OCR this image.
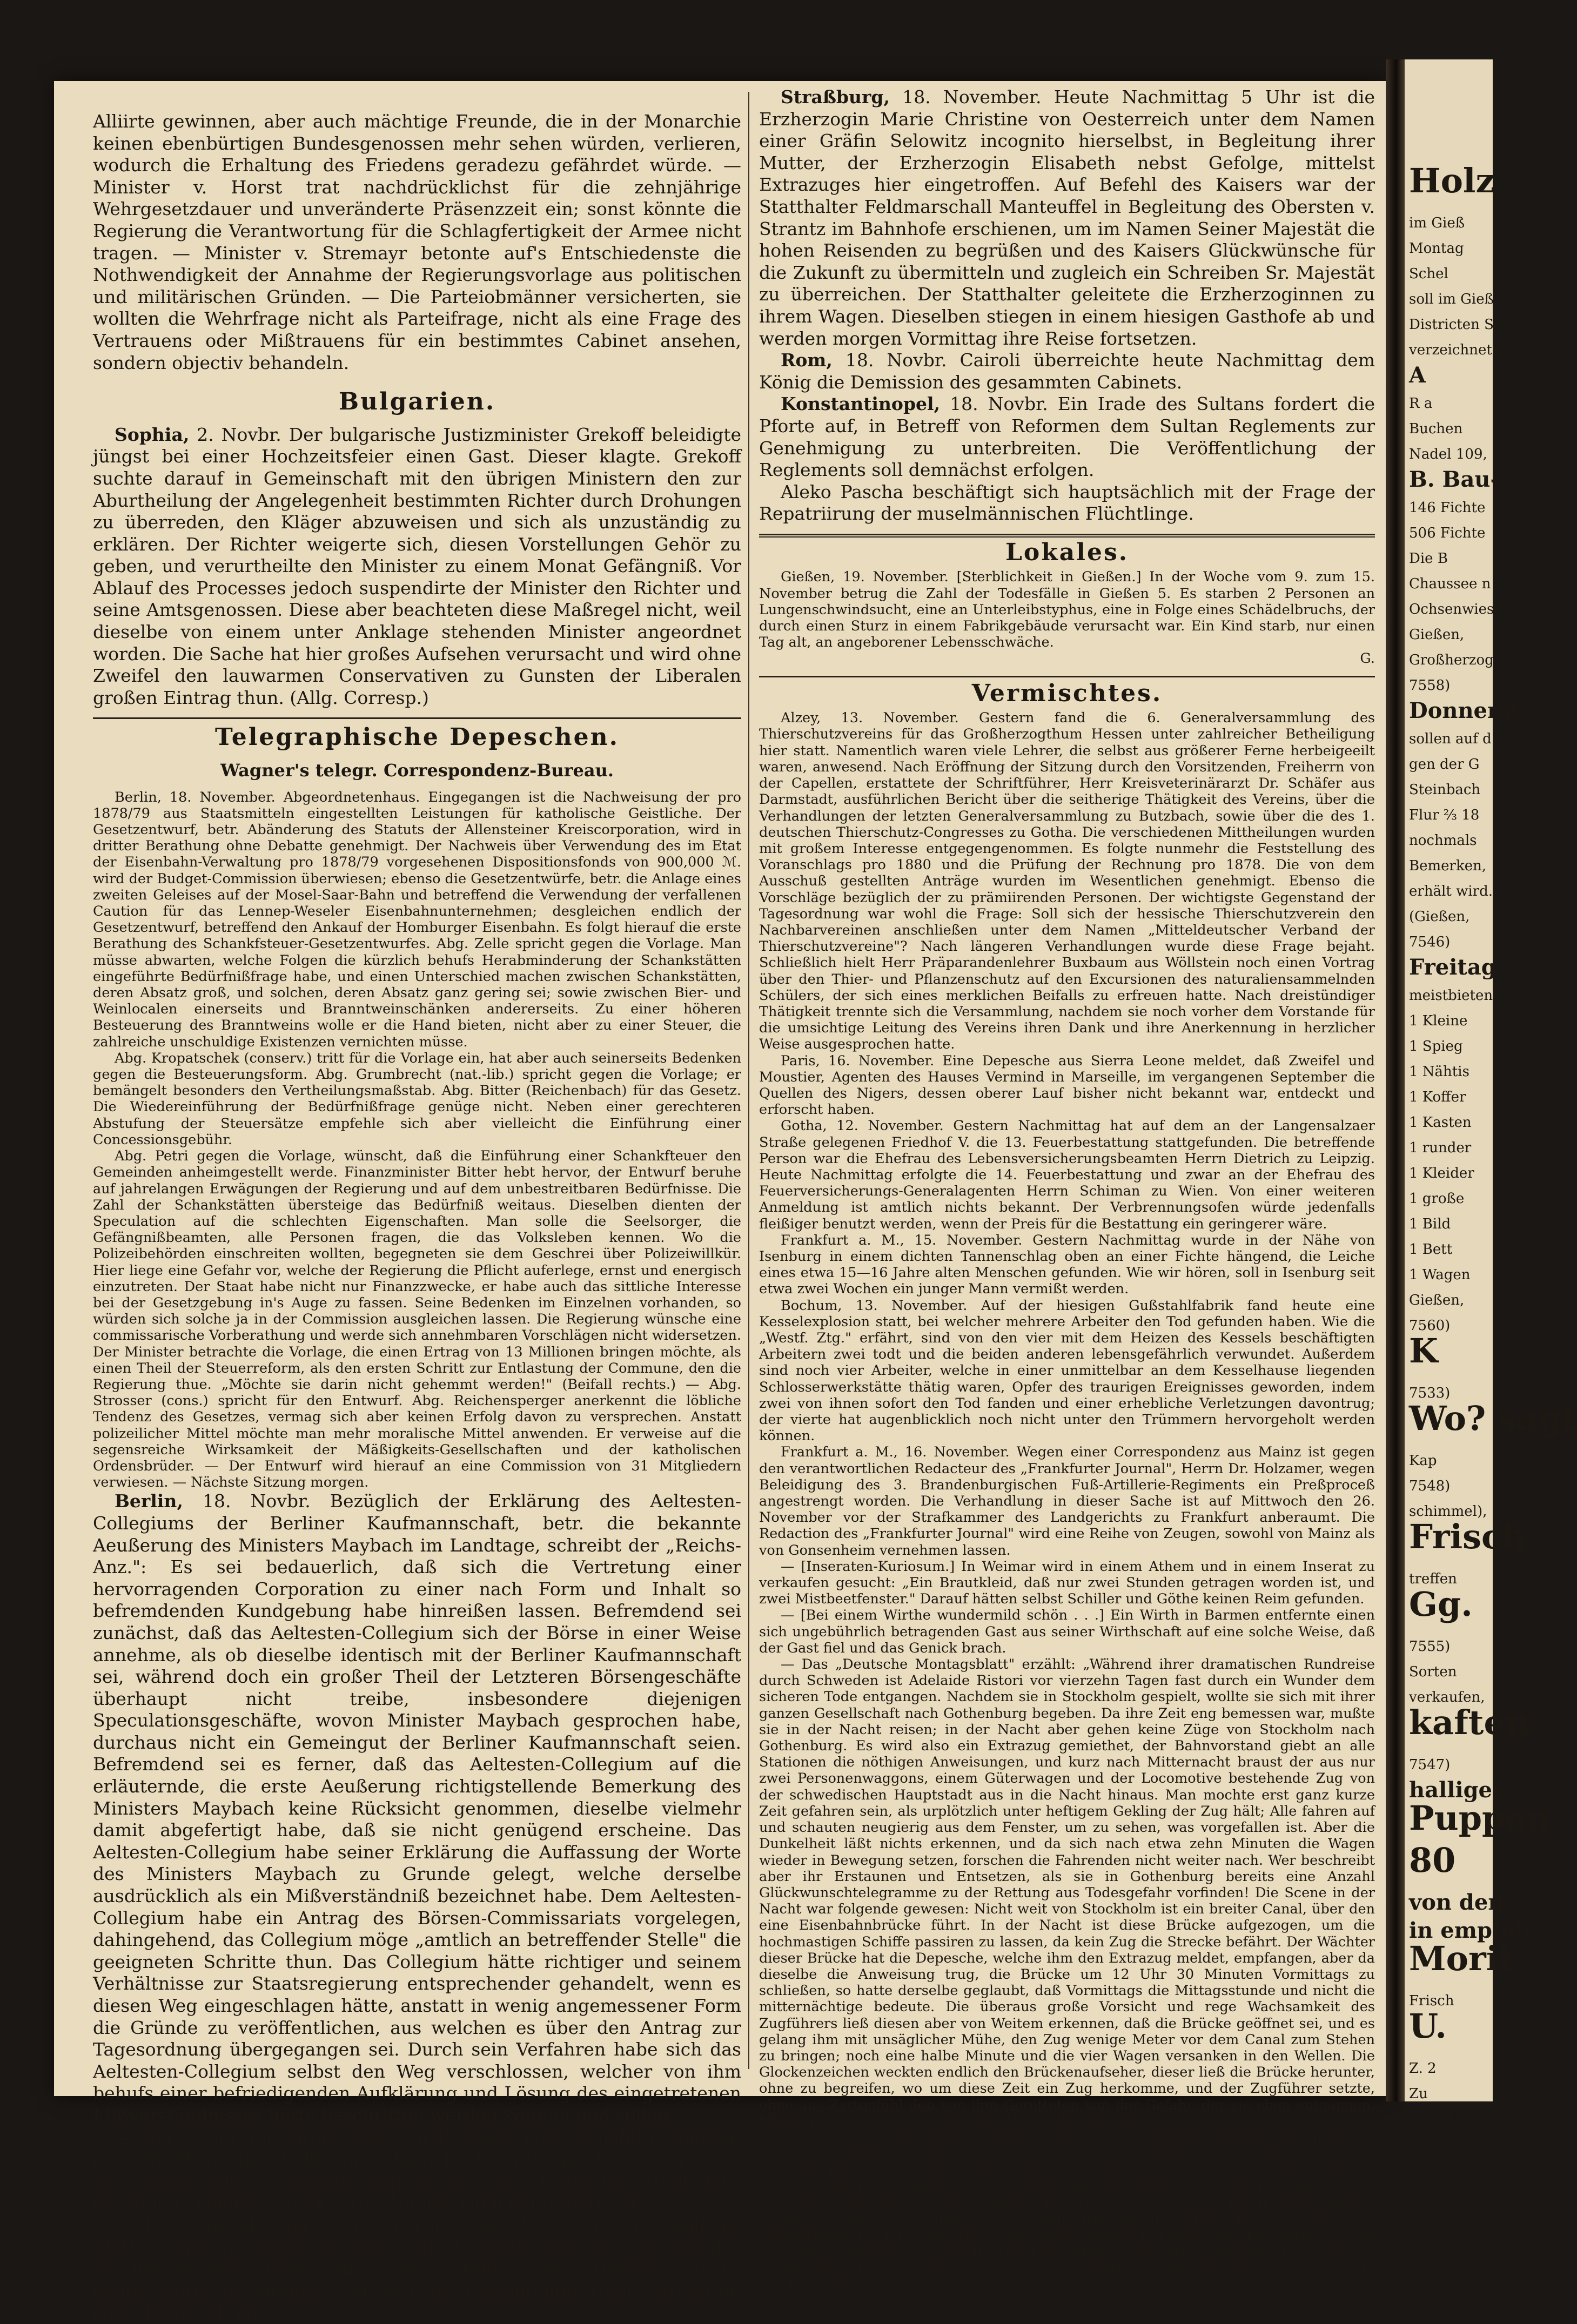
Alliirte gewinnen, aber auch mächtige Freunde, die in der Monarchie keinen ebenbürtigen Bundesgenossen mehr sehen würden, verlieren, wodurch die Erhaltung des Friedens geradezu gefährdet würde. — Minister v. Horst trat nachdrücklichst für die zehnjährige Wehrgesetzdauer und unveränderte Präsenzzeit ein; sonst könnte die Regierung die Verantwortung für die Schlagfertigkeit der Armee nicht tragen. — Minister v. Stremayr betonte auf's Entschiedenste die Nothwendigkeit der Annahme der Regierungsvorlage aus politischen und militärischen Gründen. — Die Parteiobmänner versicherten, sie wollten die Wehrfrage nicht als Parteifrage, nicht als eine Frage des Vertrauens oder Mißtrauens für ein bestimmtes Cabinet ansehen, sondern objectiv behandeln.

Bulgarien.

Sophia, 2. Novbr. Der bulgarische Justizminister Grekoff beleidigte jüngst bei einer Hochzeitsfeier einen Gast. Dieser klagte. Grekoff suchte darauf in Gemeinschaft mit den übrigen Ministern den zur Aburtheilung der Angelegenheit bestimmten Richter durch Drohungen zu überreden, den Kläger abzuweisen und sich als unzuständig zu erklären. Der Richter weigerte sich, diesen Vorstellungen Gehör zu geben, und verurtheilte den Minister zu einem Monat Gefängniß. Vor Ablauf des Processes jedoch suspendirte der Minister den Richter und seine Amtsgenossen. Diese aber beachteten diese Maßregel nicht, weil dieselbe von einem unter Anklage stehenden Minister angeordnet worden. Die Sache hat hier großes Aufsehen verursacht und wird ohne Zweifel den lauwarmen Conservativen zu Gunsten der Liberalen großen Eintrag thun. (Allg. Corresp.)

Telegraphische Depeschen.
Wagner's telegr. Correspondenz-Bureau.

Berlin, 18. November. Abgeordnetenhaus. Eingegangen ist die Nachweisung der pro 1878/79 aus Staatsmitteln eingestellten Leistungen für katholische Geistliche. Der Gesetzentwurf, betr. Abänderung des Statuts der Allensteiner Kreiscorporation, wird in dritter Berathung ohne Debatte genehmigt. Der Nachweis über Verwendung des im Etat der Eisenbahn-Verwaltung pro 1878/79 vorgesehenen Dispositionsfonds von 900,000 ℳ. wird der Budget-Commission überwiesen; ebenso die Gesetzentwürfe, betr. die Anlage eines zweiten Geleises auf der Mosel-Saar-Bahn und betreffend die Verwendung der verfallenen Caution für das Lennep-Weseler Eisenbahnunternehmen; desgleichen endlich der Gesetzentwurf, betreffend den Ankauf der Homburger Eisenbahn. Es folgt hierauf die erste Berathung des Schankfsteuer-Gesetzentwurfes. Abg. Zelle spricht gegen die Vorlage. Man müsse abwarten, welche Folgen die kürzlich behufs Herabminderung der Schankstätten eingeführte Bedürfnißfrage habe, und einen Unterschied machen zwischen Schankstätten, deren Absatz groß, und solchen, deren Absatz ganz gering sei; sowie zwischen Bier- und Weinlocalen einerseits und Branntweinschänken andererseits. Zu einer höheren Besteuerung des Branntweins wolle er die Hand bieten, nicht aber zu einer Steuer, die zahlreiche unschuldige Existenzen vernichten müsse.

Abg. Kropatschek (conserv.) tritt für die Vorlage ein, hat aber auch seinerseits Bedenken gegen die Besteuerungsform. Abg. Grumbrecht (nat.-lib.) spricht gegen die Vorlage; er bemängelt besonders den Vertheilungsmaßstab. Abg. Bitter (Reichenbach) für das Gesetz. Die Wiedereinführung der Bedürfnißfrage genüge nicht. Neben einer gerechteren Abstufung der Steuersätze empfehle sich aber vielleicht die Einführung einer Concessionsgebühr.

Abg. Petri gegen die Vorlage, wünscht, daß die Einführung einer Schankfteuer den Gemeinden anheimgestellt werde. Finanzminister Bitter hebt hervor, der Entwurf beruhe auf jahrelangen Erwägungen der Regierung und auf dem unbestreitbaren Bedürfnisse. Die Zahl der Schankstätten übersteige das Bedürfniß weitaus. Dieselben dienten der Speculation auf die schlechten Eigenschaften. Man solle die Seelsorger, die Gefängnißbeamten, alle Personen fragen, die das Volksleben kennen. Wo die Polizeibehörden einschreiten wollten, begegneten sie dem Geschrei über Polizeiwillkür. Hier liege eine Gefahr vor, welche der Regierung die Pflicht auferlege, ernst und energisch einzutreten. Der Staat habe nicht nur Finanzzwecke, er habe auch das sittliche Interesse bei der Gesetzgebung in's Auge zu fassen. Seine Bedenken im Einzelnen vorhanden, so würden sich solche ja in der Commission ausgleichen lassen. Die Regierung wünsche eine commissarische Vorberathung und werde sich annehmbaren Vorschlägen nicht widersetzen. Der Minister betrachte die Vorlage, die einen Ertrag von 13 Millionen bringen möchte, als einen Theil der Steuerreform, als den ersten Schritt zur Entlastung der Commune, den die Regierung thue. „Möchte sie darin nicht gehemmt werden!" (Beifall rechts.) — Abg. Strosser (cons.) spricht für den Entwurf. Abg. Reichensperger anerkennt die löbliche Tendenz des Gesetzes, vermag sich aber keinen Erfolg davon zu versprechen. Anstatt polizeilicher Mittel möchte man mehr moralische Mittel anwenden. Er verweise auf die segensreiche Wirksamkeit der Mäßigkeits-Gesellschaften und der katholischen Ordensbrüder. — Der Entwurf wird hierauf an eine Commission von 31 Mitgliedern verwiesen. — Nächste Sitzung morgen.

Berlin, 18. Novbr. Bezüglich der Erklärung des Aeltesten-Collegiums der Berliner Kaufmannschaft, betr. die bekannte Aeußerung des Ministers Maybach im Landtage, schreibt der „Reichs-Anz.": Es sei bedauerlich, daß sich die Vertretung einer hervorragenden Corporation zu einer nach Form und Inhalt so befremdenden Kundgebung habe hinreißen lassen. Befremdend sei zunächst, daß das Aeltesten-Collegium sich der Börse in einer Weise annehme, als ob dieselbe identisch mit der Berliner Kaufmannschaft sei, während doch ein großer Theil der Letzteren Börsengeschäfte überhaupt nicht treibe, insbesondere diejenigen Speculationsgeschäfte, wovon Minister Maybach gesprochen habe, durchaus nicht ein Gemeingut der Berliner Kaufmannschaft seien. Befremdend sei es ferner, daß das Aeltesten-Collegium auf die erläuternde, die erste Aeußerung richtigstellende Bemerkung des Ministers Maybach keine Rücksicht genommen, dieselbe vielmehr damit abgefertigt habe, daß sie nicht genügend erscheine. Das Aeltesten-Collegium habe seiner Erklärung die Auffassung der Worte des Ministers Maybach zu Grunde gelegt, welche derselbe ausdrücklich als ein Mißverständniß bezeichnet habe. Dem Aeltesten-Collegium habe ein Antrag des Börsen-Commissariats vorgelegen, dahingehend, das Collegium möge „amtlich an betreffender Stelle" die geeigneten Schritte thun. Das Collegium hätte richtiger und seinem Verhältnisse zur Staatsregierung entsprechender gehandelt, wenn es diesen Weg eingeschlagen hätte, anstatt in wenig angemessener Form die Gründe zu veröffentlichen, aus welchen es über den Antrag zur Tagesordnung übergegangen sei. Durch sein Verfahren habe sich das Aeltesten-Collegium selbst den Weg verschlossen, welcher von ihm behufs einer befriedigenden Aufklärung und Lösung des eingetretenen Mißverständnisses hätte beschritten werden können und sollen.

— Der Großfürst-Thronfolger von Rußland und Gemahlin wohnten gestern Abend der Balletvorstellung im Opernhause bei und reisten nach herzlichster Verabschiedung von dem Kaiser und den Mitgliedern des königl. Hauses um 11¼ Uhr Nachts nach Petersburg ab.

— Die „Nordd. Allg. Ztg." schreibt: Die Meldung verschiedener Blätter, daß von Seiten Preußens die Uebertragung der Leitung des Reichseisenbahn-Amtes an den preußischen Handelsminister beabsichtigt sei, entbehrt, wie wir aus competenter Quelle erfahren, jeder Begründung.

Straßburg, 18. November. Heute Nachmittag 5 Uhr ist die Erzherzogin Marie Christine von Oesterreich unter dem Namen einer Gräfin Selowitz incognito hierselbst, in Begleitung ihrer Mutter, der Erzherzogin Elisabeth nebst Gefolge, mittelst Extrazuges hier eingetroffen. Auf Befehl des Kaisers war der Statthalter Feldmarschall Manteuffel in Begleitung des Obersten v. Strantz im Bahnhofe erschienen, um im Namen Seiner Majestät die hohen Reisenden zu begrüßen und des Kaisers Glückwünsche für die Zukunft zu übermitteln und zugleich ein Schreiben Sr. Majestät zu überreichen. Der Statthalter geleitete die Erzherzoginnen zu ihrem Wagen. Dieselben stiegen in einem hiesigen Gasthofe ab und werden morgen Vormittag ihre Reise fortsetzen.

Rom, 18. Novbr. Cairoli überreichte heute Nachmittag dem König die Demission des gesammten Cabinets.

Konstantinopel, 18. Novbr. Ein Irade des Sultans fordert die Pforte auf, in Betreff von Reformen dem Sultan Reglements zur Genehmigung zu unterbreiten. Die Veröffentlichung der Reglements soll demnächst erfolgen.

Aleko Pascha beschäftigt sich hauptsächlich mit der Frage der Repatriirung der muselmännischen Flüchtlinge.

Lokales.

Gießen, 19. November. [Sterblichkeit in Gießen.] In der Woche vom 9. zum 15. November betrug die Zahl der Todesfälle in Gießen 5. Es starben 2 Personen an Lungenschwindsucht, eine an Unterleibstyphus, eine in Folge eines Schädelbruchs, der durch einen Sturz in einem Fabrikgebäude verursacht war. Ein Kind starb, nur einen Tag alt, an angeborener Lebensschwäche.

G.
Vermischtes.

Alzey, 13. November. Gestern fand die 6. Generalversammlung des Thierschutzvereins für das Großherzogthum Hessen unter zahlreicher Betheiligung hier statt. Namentlich waren viele Lehrer, die selbst aus größerer Ferne herbeigeeilt waren, anwesend. Nach Eröffnung der Sitzung durch den Vorsitzenden, Freiherrn von der Capellen, erstattete der Schriftführer, Herr Kreisveterinärarzt Dr. Schäfer aus Darmstadt, ausführlichen Bericht über die seitherige Thätigkeit des Vereins, über die Verhandlungen der letzten Generalversammlung zu Butzbach, sowie über die des 1. deutschen Thierschutz-Congresses zu Gotha. Die verschiedenen Mittheilungen wurden mit großem Interesse entgegengenommen. Es folgte nunmehr die Feststellung des Voranschlags pro 1880 und die Prüfung der Rechnung pro 1878. Die von dem Ausschuß gestellten Anträge wurden im Wesentlichen genehmigt. Ebenso die Vorschläge bezüglich der zu prämiirenden Personen. Der wichtigste Gegenstand der Tagesordnung war wohl die Frage: Soll sich der hessische Thierschutzverein den Nachbarvereinen anschließen unter dem Namen „Mitteldeutscher Verband der Thierschutzvereine"? Nach längeren Verhandlungen wurde diese Frage bejaht. Schließlich hielt Herr Präparandenlehrer Buxbaum aus Wöllstein noch einen Vortrag über den Thier- und Pflanzenschutz auf den Excursionen des naturaliensammelnden Schülers, der sich eines merklichen Beifalls zu erfreuen hatte. Nach dreistündiger Thätigkeit trennte sich die Versammlung, nachdem sie noch vorher dem Vorstande für die umsichtige Leitung des Vereins ihren Dank und ihre Anerkennung in herzlicher Weise ausgesprochen hatte.

Paris, 16. November. Eine Depesche aus Sierra Leone meldet, daß Zweifel und Moustier, Agenten des Hauses Vermind in Marseille, im vergangenen September die Quellen des Nigers, dessen oberer Lauf bisher nicht bekannt war, entdeckt und erforscht haben.

Gotha, 12. November. Gestern Nachmittag hat auf dem an der Langensalzaer Straße gelegenen Friedhof V. die 13. Feuerbestattung stattgefunden. Die betreffende Person war die Ehefrau des Lebensversicherungsbeamten Herrn Dietrich zu Leipzig. Heute Nachmittag erfolgte die 14. Feuerbestattung und zwar an der Ehefrau des Feuerversicherungs-Generalagenten Herrn Schiman zu Wien. Von einer weiteren Anmeldung ist amtlich nichts bekannt. Der Verbrennungsofen würde jedenfalls fleißiger benutzt werden, wenn der Preis für die Bestattung ein geringerer wäre.

Frankfurt a. M., 15. November. Gestern Nachmittag wurde in der Nähe von Isenburg in einem dichten Tannenschlag oben an einer Fichte hängend, die Leiche eines etwa 15—16 Jahre alten Menschen gefunden. Wie wir hören, soll in Isenburg seit etwa zwei Wochen ein junger Mann vermißt werden.

Bochum, 13. November. Auf der hiesigen Gußstahlfabrik fand heute eine Kesselexplosion statt, bei welcher mehrere Arbeiter den Tod gefunden haben. Wie die „Westf. Ztg." erfährt, sind von den vier mit dem Heizen des Kessels beschäftigten Arbeitern zwei todt und die beiden anderen lebensgefährlich verwundet. Außerdem sind noch vier Arbeiter, welche in einer unmittelbar an dem Kesselhause liegenden Schlosserwerkstätte thätig waren, Opfer des traurigen Ereignisses geworden, indem zwei von ihnen sofort den Tod fanden und einer erhebliche Verletzungen davontrug; der vierte hat augenblicklich noch nicht unter den Trümmern hervorgeholt werden können.

Frankfurt a. M., 16. November. Wegen einer Correspondenz aus Mainz ist gegen den verantwortlichen Redacteur des „Frankfurter Journal", Herrn Dr. Holzamer, wegen Beleidigung des 3. Brandenburgischen Fuß-Artillerie-Regiments ein Preßproceß angestrengt worden. Die Verhandlung in dieser Sache ist auf Mittwoch den 26. November vor der Strafkammer des Landgerichts zu Frankfurt anberaumt. Die Redaction des „Frankfurter Journal" wird eine Reihe von Zeugen, sowohl von Mainz als von Gonsenheim vernehmen lassen.

— [Inseraten-Kuriosum.] In Weimar wird in einem Athem und in einem Inserat zu verkaufen gesucht: „Ein Brautkleid, daß nur zwei Stunden getragen worden ist, und zwei Mistbeetfenster." Darauf hätten selbst Schiller und Göthe keinen Reim gefunden.

— [Bei einem Wirthe wundermild schön . . .] Ein Wirth in Barmen entfernte einen sich ungebührlich betragenden Gast aus seiner Wirthschaft auf eine solche Weise, daß der Gast fiel und das Genick brach.

— Das „Deutsche Montagsblatt" erzählt: „Während ihrer dramatischen Rundreise durch Schweden ist Adelaide Ristori vor vierzehn Tagen fast durch ein Wunder dem sicheren Tode entgangen. Nachdem sie in Stockholm gespielt, wollte sie sich mit ihrer ganzen Gesellschaft nach Gothenburg begeben. Da ihre Zeit eng bemessen war, mußte sie in der Nacht reisen; in der Nacht aber gehen keine Züge von Stockholm nach Gothenburg. Es wird also ein Extrazug gemiethet, der Bahnvorstand giebt an alle Stationen die nöthigen Anweisungen, und kurz nach Mitternacht braust der aus nur zwei Personenwaggons, einem Güterwagen und der Locomotive bestehende Zug von der schwedischen Hauptstadt aus in die Nacht hinaus. Man mochte erst ganz kurze Zeit gefahren sein, als urplötzlich unter heftigem Gekling der Zug hält; Alle fahren auf und schauten neugierig aus dem Fenster, um zu sehen, was vorgefallen ist. Aber die Dunkelheit läßt nichts erkennen, und da sich nach etwa zehn Minuten die Wagen wieder in Bewegung setzen, forschen die Fahrenden nicht weiter nach. Wer beschreibt aber ihr Erstaunen und Entsetzen, als sie in Gothenburg bereits eine Anzahl Glückwunschtelegramme zu der Rettung aus Todesgefahr vorfinden! Die Scene in der Nacht war folgende gewesen: Nicht weit von Stockholm ist ein breiter Canal, über den eine Eisenbahnbrücke führt. In der Nacht ist diese Brücke aufgezogen, um die hochmastigen Schiffe passiren zu lassen, da kein Zug die Strecke befährt. Der Wächter dieser Brücke hat die Depesche, welche ihm den Extrazug meldet, empfangen, aber da dieselbe die Anweisung trug, die Brücke um 12 Uhr 30 Minuten Vormittags zu schließen, so hatte derselbe geglaubt, daß Vormittags die Mittagsstunde und nicht die mitternächtige bedeute. Die überaus große Vorsicht und rege Wachsamkeit des Zugführers ließ diesen aber von Weitem erkennen, daß die Brücke geöffnet sei, und es gelang ihm mit unsäglicher Mühe, den Zug wenige Meter vor dem Canal zum Stehen zu bringen; noch eine halbe Minute und die vier Wagen versanken in den Wellen. Die Glockenzeichen weckten endlich den Brückenaufseher, dieser ließ die Brücke herunter, ohne zu begreifen, wo um diese Zeit ein Zug herkomme, und der Zugführer setzte, ohne aus Zartgefühl den von ihm Geretteten von der Gefahr, der sie eben entgangen, Mittheilung zu machen, ruhig den Weg nach Gothenburg fort."

Köln, 12. November. Heute Morgen stand ein zwanzigjähriger katholischer Jüngling, eine wahre Hünengestalt, vor den Schranken der Strafkammer, der Entführung eines achtzehn Jahre alten israelitischen Mädchens angeklagt. Es wurde unter Ausschluß der Oeffentlichkeit verhandelt, das Urtheil jedoch öffentlich publicirt, woraus wir entnehmen, daß die Entführung gegen den Willen der Eltern der Braut stattgefunden, während diese einverstanden war. Sie muß, trotzdem ihr Vater neben ihr stand, sehr charakterfest für ihren Bräutigam als Zeugin eingetreten sein; denn Karl wurde nur zu 14 Tagen Gefängniß verurtheilt, wobei die schöne Paula ihren Geliebten mit einem so vielsagenden Blick anschaute, daß man den Schluß zu ziehen berechtigt ist, sie werde ihm treu bleiben.

Holz
im Gieß
Montag
Schel
soll im Gieß
Districten Sc
verzeichnetes
A
R a
Buchen
Nadel 109,
B. Bau-
146 Fichte
506 Fichte
Die B
Chaussee n
Ochsenwiese
Gießen,
Großherzog
7558)
Donnerst
sollen auf d
gen der G
Steinbach
Flur ⅔ 18
nochmals
Bemerken,
erhält wird.
(Gießen,
7546)
Freitag
meistbietend
1 Kleine
1 Spieg
1 Nähtis
1 Koffer
1 Kasten
1 runder
1 Kleider
1 große
1 Bild
1 Bett
1 Wagen
Gießen,
7560)
K
7533)
Wo? sagt
Kap
7548)
schimmel),
Frisch
treffen
Gg.
7555)
Sorten
verkaufen,
kaften
7547)
halliges
Puppen
80
von den
in empfeh
Morit
Frisch
U.
Z. 2
Zu
wünscht
Näher
7543)
